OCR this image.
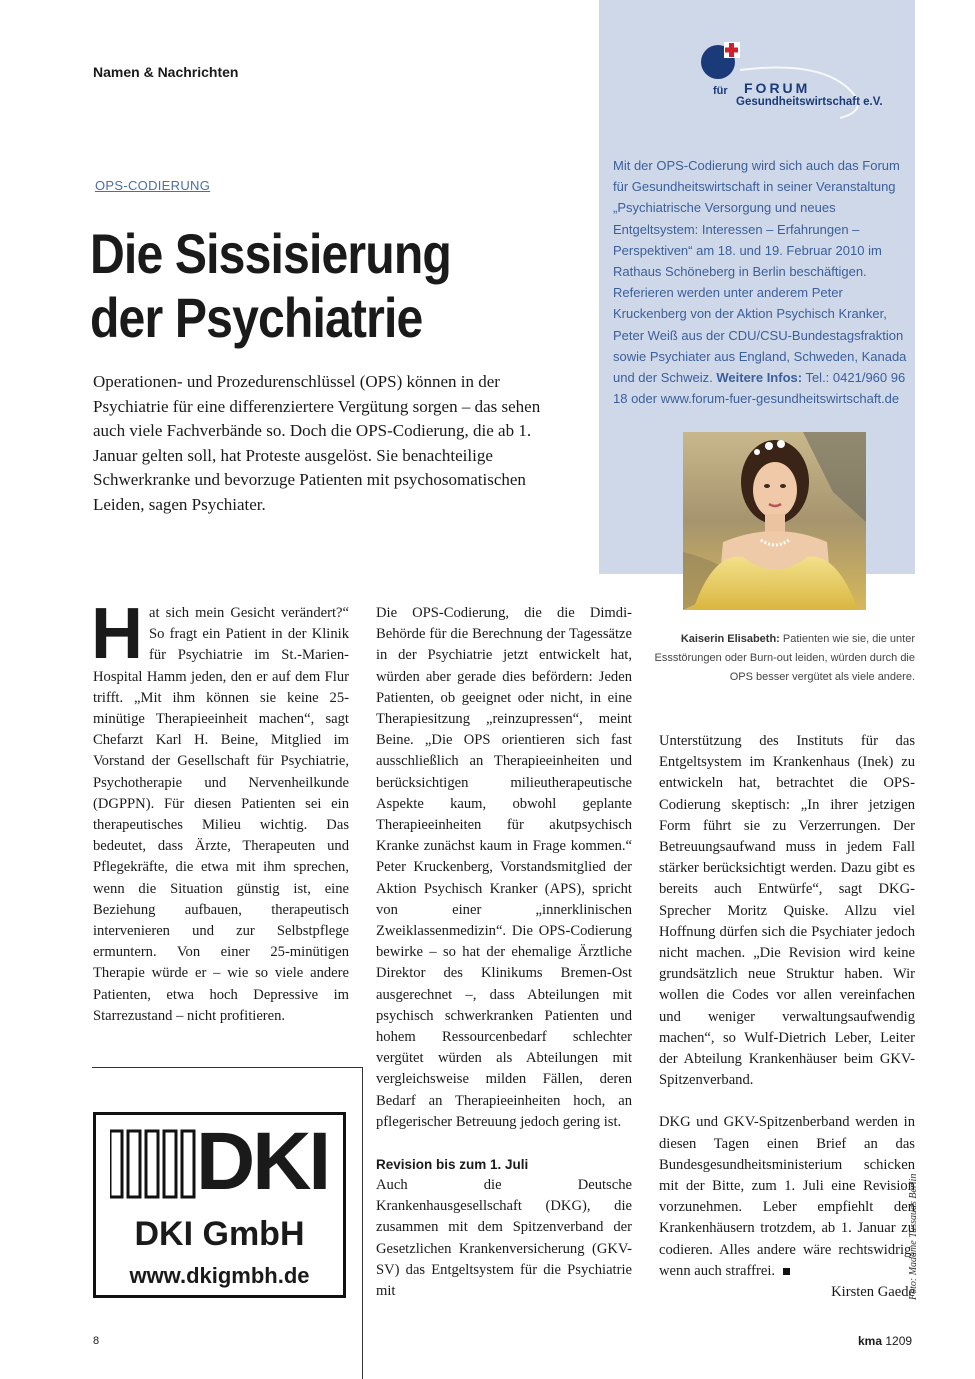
Namen & Nachrichten
für FORUM
Gesundheitswirtschaft e.V.
OPS-CODIERUNG
Die Sissisierung
der Psychiatrie
Operationen- und Prozedurenschlüssel (OPS) können in der Psychiatrie für eine differenziertere Vergütung sorgen – das sehen auch viele Fachverbände so. Doch die OPS-Codierung, die ab 1. Januar gelten soll, hat Proteste ausgelöst. Sie benachteilige Schwerkranke und bevorzuge Patienten mit psychosomatischen Leiden, sagen Psychiater.
Mit der OPS-Codierung wird sich auch das Forum für Gesundheitswirtschaft in seiner Veranstaltung „Psychiatrische Versorgung und neues Entgeltsystem: Interessen – Erfahrungen – Perspektiven“ am 18. und 19. Februar 2010 im Rathaus Schöneberg in Berlin beschäftigen. Referieren werden unter anderem Peter Kruckenberg von der Aktion Psychisch Kranker, Peter Weiß aus der CDU/CSU-Bundestagsfraktion sowie Psychiater aus England, Schweden, Kanada und der Schweiz. Weitere Infos: Tel.: 0421/960 96 18 oder www.forum-fuer-gesundheitswirtschaft.de
Kaiserin Elisabeth: Patienten wie sie, die unter Essstörungen oder Burn-out leiden, würden durch die OPS besser vergütet als viele andere.
Hat sich mein Gesicht verändert?“ So fragt ein Patient in der Klinik für Psychiatrie im St.-Marien-Hospital Hamm jeden, den er auf dem Flur trifft. „Mit ihm können sie keine 25-minütige Therapieeinheit machen“, sagt Chefarzt Karl H. Beine, Mitglied im Vorstand der Gesellschaft für Psychiatrie, Psychotherapie und Nervenheilkunde (DGPPN). Für diesen Patienten sei ein therapeutisches Milieu wichtig. Das bedeutet, dass Ärzte, Therapeuten und Pflegekräfte, die etwa mit ihm sprechen, wenn die Situation günstig ist, eine Beziehung aufbauen, therapeutisch intervenieren und zur Selbstpflege ermuntern. Von einer 25-minütigen Therapie würde er – wie so viele andere Patienten, etwa hoch Depressive im Starrezustand – nicht profitieren.

Die OPS-Codierung, die die Dimdi-Behörde für die Berechnung der Tagessätze in der Psychiatrie jetzt entwickelt hat, würden aber gerade dies befördern: Jeden Patienten, ob geeignet oder nicht, in eine Therapiesitzung „reinzupressen“, meint Beine. „Die OPS orientieren sich fast ausschließlich an Therapieeinheiten und berücksichtigen milieutherapeutische Aspekte kaum, obwohl geplante Therapieeinheiten für akutpsychisch Kranke zunächst kaum in Frage kommen.“ Peter Kruckenberg, Vorstandsmitglied der Aktion Psychisch Kranker (APS), spricht von einer „innerklinischen Zweiklassenmedizin“. Die OPS-Codierung bewirke – so hat der ehemalige Ärztliche Direktor des Klinikums Bremen-Ost ausgerechnet –, dass Abteilungen mit psychisch schwerkranken Patienten und hohem Ressourcenbedarf schlechter vergütet würden als Abteilungen mit vergleichsweise milden Fällen, deren Bedarf an Therapieeinheiten hoch, an pflegerischer Betreuung jedoch gering ist.

Revision bis zum 1. Juli

Auch die Deutsche Krankenhausgesellschaft (DKG), die zusammen mit dem Spitzenverband der Gesetzlichen Krankenversicherung (GKV-SV) das Entgeltsystem für die Psychiatrie mit

Unterstützung des Instituts für das Entgeltsystem im Krankenhaus (Inek) zu entwickeln hat, betrachtet die OPS-Codierung skeptisch: „In ihrer jetzigen Form führt sie zu Verzerrungen. Der Betreuungsaufwand muss in jedem Fall stärker berücksichtigt werden. Dazu gibt es bereits auch Entwürfe“, sagt DKG-Sprecher Moritz Quiske. Allzu viel Hoffnung dürfen sich die Psychiater jedoch nicht machen. „Die Revision wird keine grundsätzlich neue Struktur haben. Wir wollen die Codes vor allen vereinfachen und weniger verwaltungsaufwendig machen“, so Wulf-Dietrich Leber, Leiter der Abteilung Krankenhäuser beim GKV-Spitzenverband.

DKG und GKV-Spitzenberband werden in diesen Tagen einen Brief an das Bundesgesundheitsministerium schicken mit der Bitte, zum 1. Juli eine Revision vorzunehmen. Leber empfiehlt den Krankenhäusern trotzdem, ab 1. Januar zu codieren. Alles andere wäre rechtswidrig, wenn auch straffrei.

Kirsten Gaede
DKI
DKI GmbH
www.dkigmbh.de	Foto: Madame Tussauds Berlin
8	kma 1209
